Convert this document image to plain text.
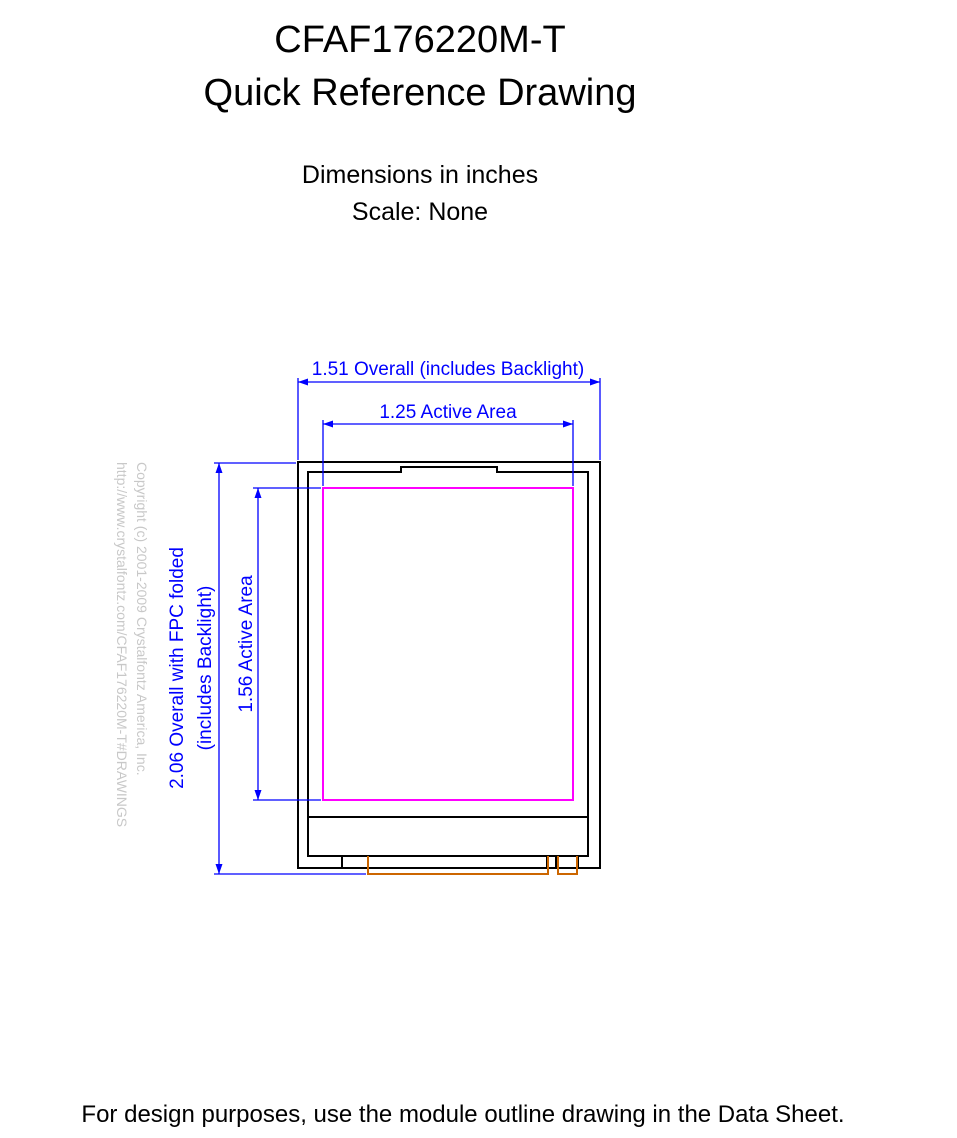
CFAF176220M-T
Quick Reference Drawing
Dimensions in inches
Scale: None
1.51 Overall (includes Backlight)
1.25 Active Area
2.06 Overall with FPC folded (includes Backlight) 1.56 Active Area
Copyright (c) 2001-2009 Crystalfontz America, Inc.
http://www.crystalfontz.com/CFAF176220M-T#DRAWINGS
For design purposes, use the module outline drawing in the Data Sheet.
